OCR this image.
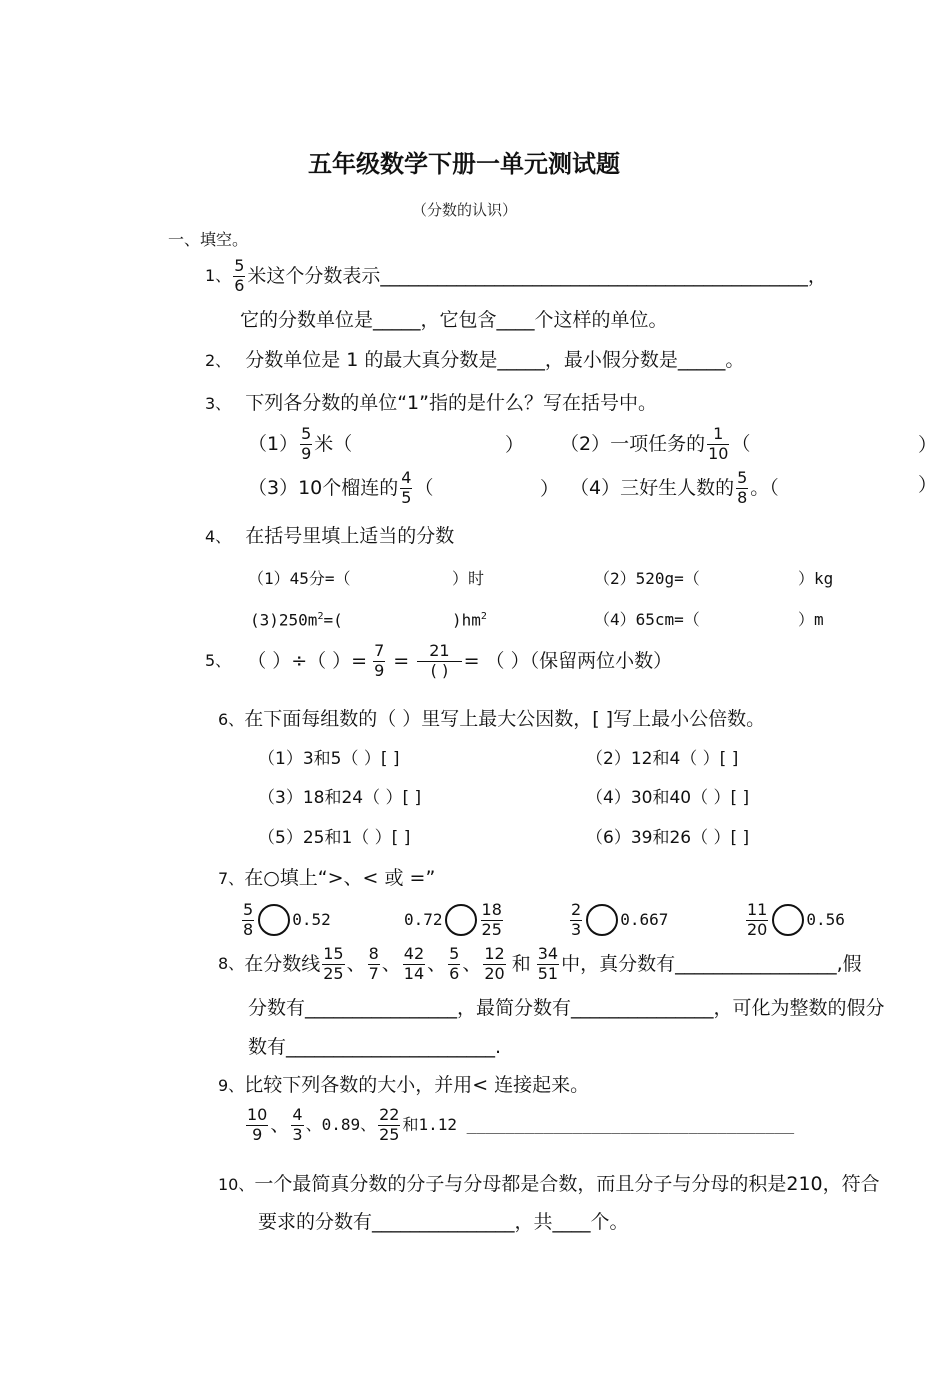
五年级数学下册一单元测试题
（分数的认识）
一、填空。
1、 $\frac{5}{6}$ 米这个分数表示_____________________________________________，
它的分数单位是_____，它包含____个这样的单位。
2、 分数单位是 1 的最大真分数是_____，最小假分数是_____。
3、 下列各分数的单位“1”指的是什么？写在括号中。
$(1) \frac{5}{9}$ 米（	） （2）一项任务的 $\frac{1}{10}$ （	）
（3）10个榴连的 $\frac{4}{5}$ （	） （4）三好生人数的 $\frac{5}{8}$ 。（	）
4、 在括号里填上适当的分数
（1）45分=（	）时	（2）520g=（	）kg
$(3)250m^2=$(	)$hm^2$	（4）65cm=（	）m
5、 （ ）÷（ ）= $\frac{7}{9} = \frac{21}{( )}$ = （ ）（保留两位小数）
6、在下面每组数的（ ）里写上最大公因数，[ ]写上最小公倍数。
（1）3和5（ ）[ ]	（2）12和4（ ）[ ]
（3）18和24（ ）[ ]	（4）30和40（ ）[ ]
（5）25和1（ ）[ ]	（6）39和26（ ）[ ]
7、在○填上“>、< 或 =”
$\frac{5}{8} 0.52$	$0.72 \frac{18}{25}$	$\frac{2}{3} 0.667$	$\frac{11}{20} 0.56$
8、 在分数线 $\frac{15}{25}$ 、 $\frac{8}{7}$ 、 $\frac{42}{14}$ 、 $\frac{5}{6}$ 、 $\frac{12}{20}$ 和 $\frac{34}{51}$ 中，真分数有_________________,假
分数有________________，最简分数有_______________，可化为整数的假分
数有______________________.
9、比较下列各数的大小，并用< 连接起来。
$\frac{10}{9}$ 、 $\frac{4}{3}$ 、0.89、 $\frac{22}{25}$ 和1.12 __________________________________
10、一个最简真分数的分子与分母都是合数，而且分子与分母的积是210，符合
要求的分数有_______________，共____个。
